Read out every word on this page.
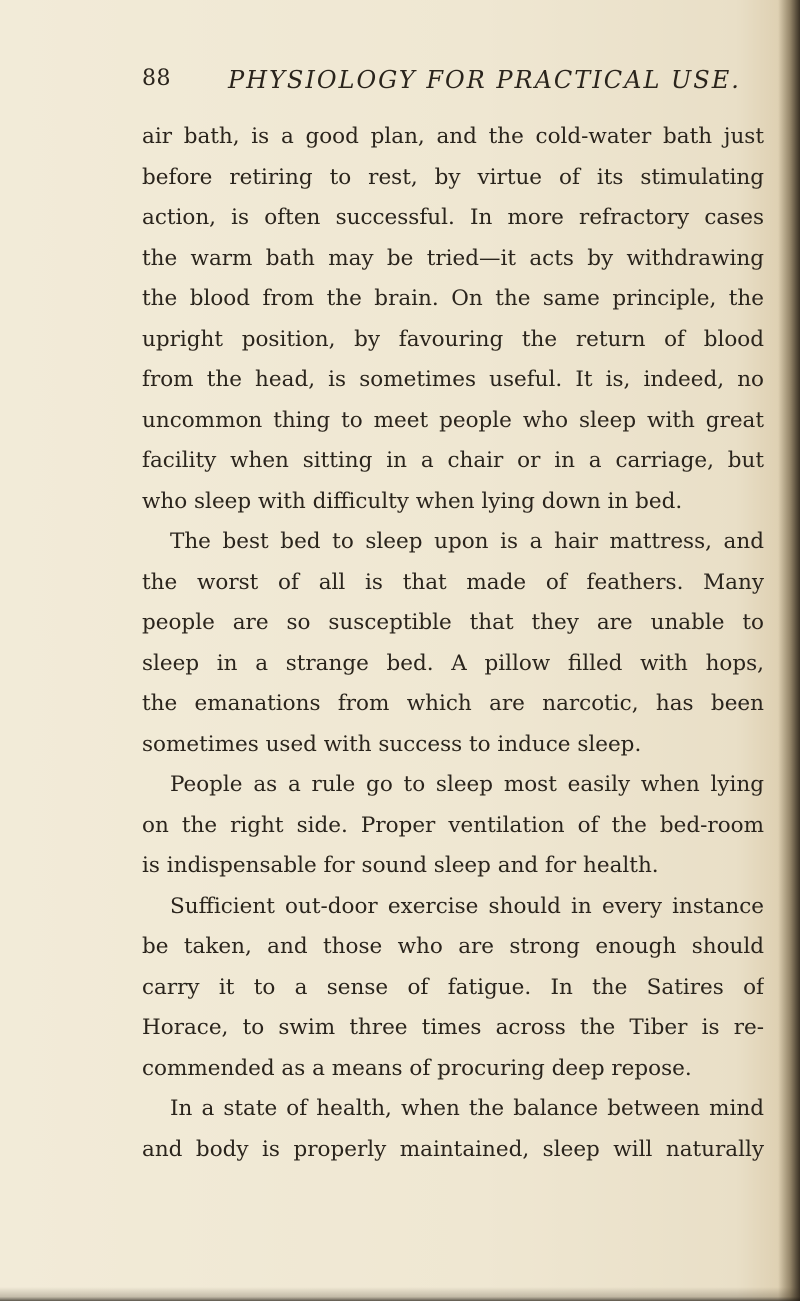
88 PHYSIOLOGY FOR PRACTICAL USE.
air bath, is a good plan, and the cold-water bath just
before retiring to rest, by virtue of its stimulating
action, is often successful. In more refractory cases
the warm bath may be tried—it acts by withdrawing
the blood from the brain. On the same principle, the
upright position, by favouring the return of blood
from the head, is sometimes useful. It is, indeed, no
uncommon thing to meet people who sleep with great
facility when sitting in a chair or in a carriage, but
who sleep with difficulty when lying down in bed.
The best bed to sleep upon is a hair mattress, and
the worst of all is that made of feathers. Many
people are so susceptible that they are unable to
sleep in a strange bed. A pillow filled with hops,
the emanations from which are narcotic, has been
sometimes used with success to induce sleep.
People as a rule go to sleep most easily when lying
on the right side. Proper ventilation of the bed-room
is indispensable for sound sleep and for health.
Sufficient out-door exercise should in every instance
be taken, and those who are strong enough should
carry it to a sense of fatigue. In the Satires of
Horace, to swim three times across the Tiber is re-
commended as a means of procuring deep repose.
In a state of health, when the balance between mind
and body is properly maintained, sleep will naturally
